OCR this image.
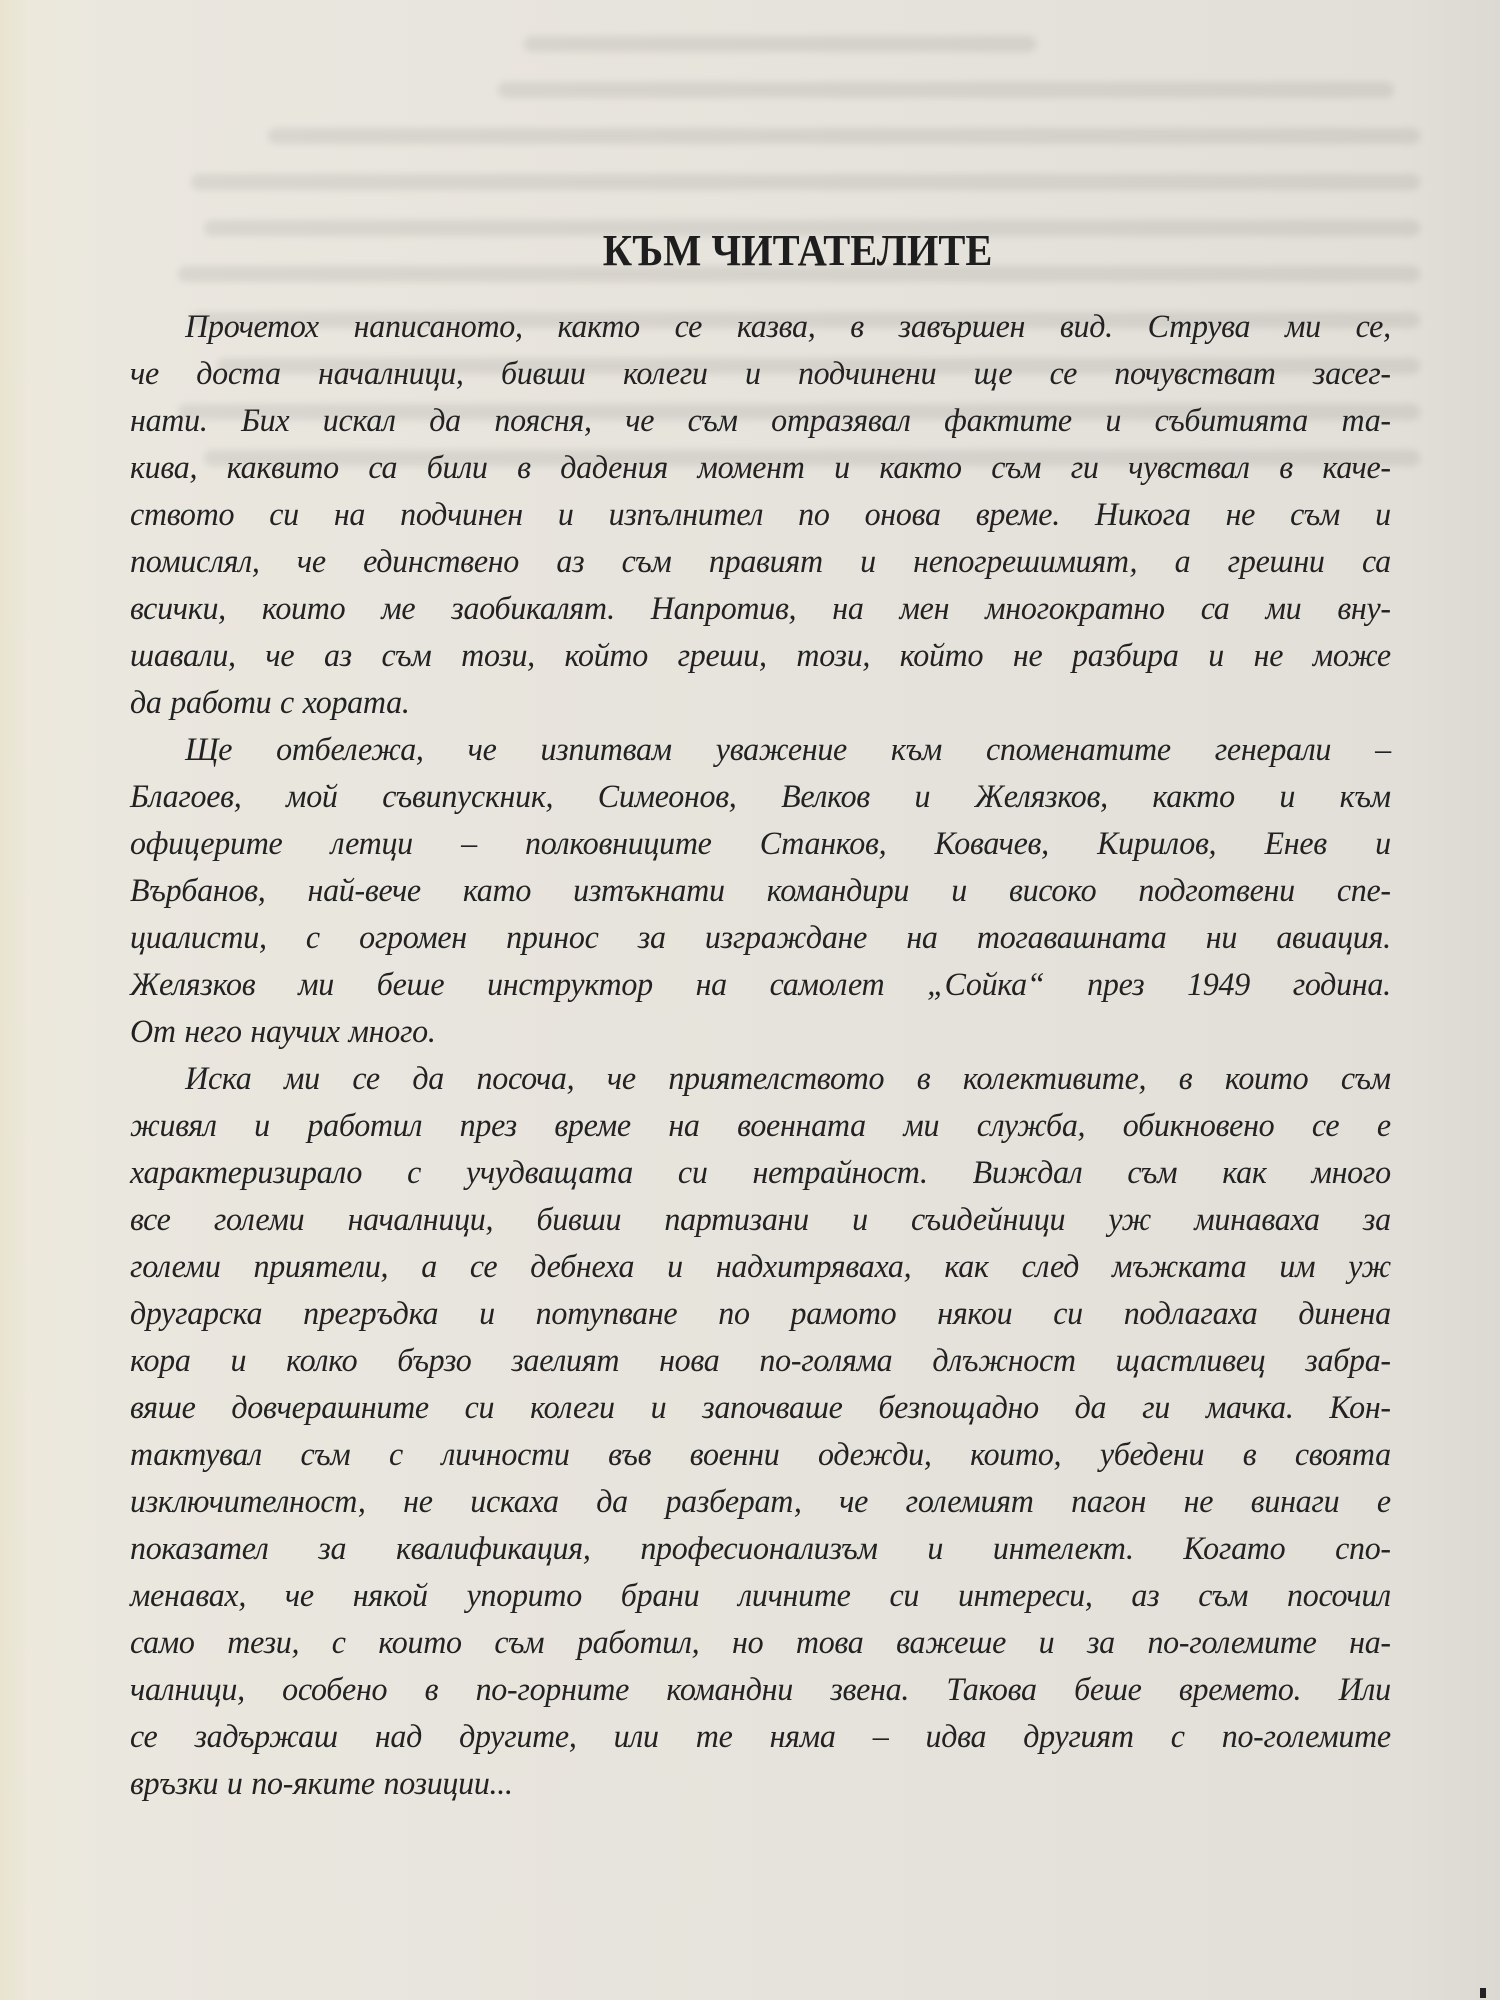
КЪМ ЧИТАТЕЛИТЕ
Прочетох написаното, както се казва, в завършен вид. Струва ми се,
че доста началници, бивши колеги и подчинени ще се почувстват засег-
нати. Бих искал да поясня, че съм отразявал фактите и събитията та-
кива, каквито са били в дадения момент и както съм ги чувствал в каче-
ството си на подчинен и изпълнител по онова време. Никога не съм и
помислял, че единствено аз съм правият и непогрешимият, а грешни са
всички, които ме заобикалят. Напротив, на мен многократно са ми вну-
шавали, че аз съм този, който греши, този, който не разбира и не може
да работи с хората.
Ще отбележа, че изпитвам уважение към споменатите генерали –
Благоев, мой съвипускник, Симеонов, Велков и Желязков, както и към
офицерите летци – полковниците Станков, Ковачев, Кирилов, Енев и
Върбанов, най-вече като изтъкнати командири и високо подготвени спе-
циалисти, с огромен принос за изграждане на тогавашната ни авиация.
Желязков ми беше инструктор на самолет „Сойка“ през 1949 година.
От него научих много.
Иска ми се да посоча, че приятелството в колективите, в които съм
живял и работил през време на военната ми служба, обикновено се е
характеризирало с учудващата си нетрайност. Виждал съм как много
все големи началници, бивши партизани и съидейници уж минаваха за
големи приятели, а се дебнеха и надхитряваха, как след мъжката им уж
другарска прегръдка и потупване по рамото някои си подлагаха динена
кора и колко бързо заелият нова по-голяма длъжност щастливец забра-
вяше довчерашните си колеги и започваше безпощадно да ги мачка. Кон-
тактувал съм с личности във военни одежди, които, убедени в своята
изключителност, не искаха да разберат, че големият пагон не винаги е
показател за квалификация, професионализъм и интелект. Когато спо-
менавах, че някой упорито брани личните си интереси, аз съм посочил
само тези, с които съм работил, но това важеше и за по-големите на-
чалници, особено в по-горните командни звена. Такова беше времето. Или
се задържаш над другите, или те няма – идва другият с по-големите
връзки и по-яките позиции...
